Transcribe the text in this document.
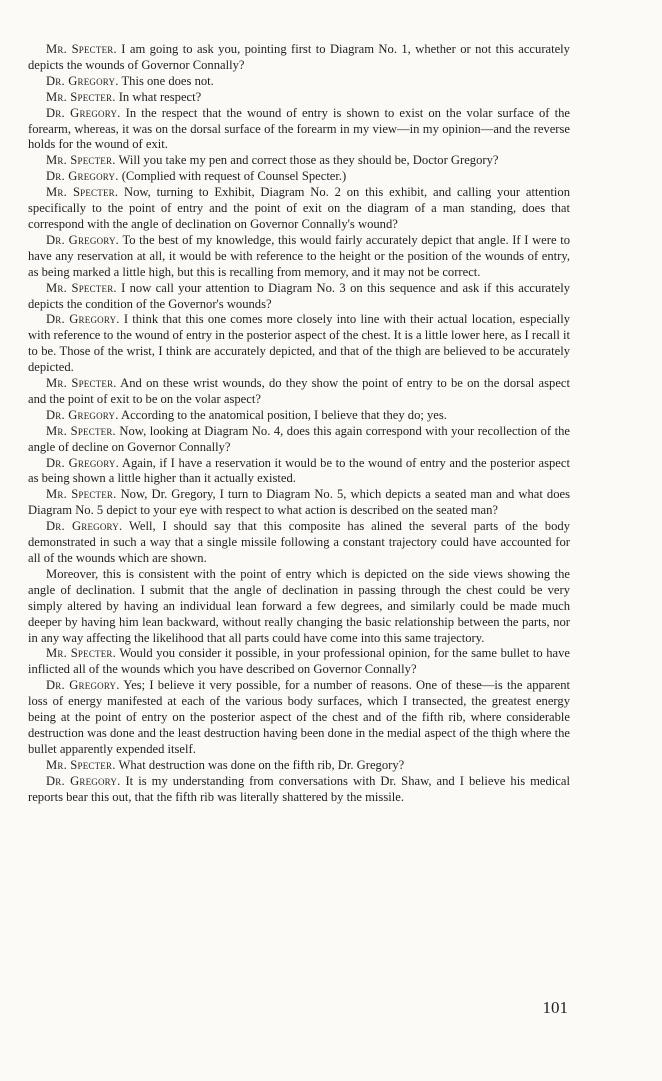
Mr. Specter. I am going to ask you, pointing first to Diagram No. 1, whether or not this accurately depicts the wounds of Governor Connally?

Dr. Gregory. This one does not.

Mr. Specter. In what respect?

Dr. Gregory. In the respect that the wound of entry is shown to exist on the volar surface of the forearm, whereas, it was on the dorsal surface of the forearm in my view—in my opinion—and the reverse holds for the wound of exit.

Mr. Specter. Will you take my pen and correct those as they should be, Doctor Gregory?

Dr. Gregory. (Complied with request of Counsel Specter.)

Mr. Specter. Now, turning to Exhibit, Diagram No. 2 on this exhibit, and calling your attention specifically to the point of entry and the point of exit on the diagram of a man standing, does that correspond with the angle of declination on Governor Connally's wound?

Dr. Gregory. To the best of my knowledge, this would fairly accurately depict that angle. If I were to have any reservation at all, it would be with reference to the height or the position of the wounds of entry, as being marked a little high, but this is recalling from memory, and it may not be correct.

Mr. Specter. I now call your attention to Diagram No. 3 on this sequence and ask if this accurately depicts the condition of the Governor's wounds?

Dr. Gregory. I think that this one comes more closely into line with their actual location, especially with reference to the wound of entry in the posterior aspect of the chest. It is a little lower here, as I recall it to be. Those of the wrist, I think are accurately depicted, and that of the thigh are believed to be accurately depicted.

Mr. Specter. And on these wrist wounds, do they show the point of entry to be on the dorsal aspect and the point of exit to be on the volar aspect?

Dr. Gregory. According to the anatomical position, I believe that they do; yes.

Mr. Specter. Now, looking at Diagram No. 4, does this again correspond with your recollection of the angle of decline on Governor Connally?

Dr. Gregory. Again, if I have a reservation it would be to the wound of entry and the posterior aspect as being shown a little higher than it actually existed.

Mr. Specter. Now, Dr. Gregory, I turn to Diagram No. 5, which depicts a seated man and what does Diagram No. 5 depict to your eye with respect to what action is described on the seated man?

Dr. Gregory. Well, I should say that this composite has alined the several parts of the body demonstrated in such a way that a single missile following a constant trajectory could have accounted for all of the wounds which are shown.

Moreover, this is consistent with the point of entry which is depicted on the side views showing the angle of declination. I submit that the angle of declination in passing through the chest could be very simply altered by having an individual lean forward a few degrees, and similarly could be made much deeper by having him lean backward, without really changing the basic relationship between the parts, nor in any way affecting the likelihood that all parts could have come into this same trajectory.

Mr. Specter. Would you consider it possible, in your professional opinion, for the same bullet to have inflicted all of the wounds which you have described on Governor Connally?

Dr. Gregory. Yes; I believe it very possible, for a number of reasons. One of these—is the apparent loss of energy manifested at each of the various body surfaces, which I transected, the greatest energy being at the point of entry on the posterior aspect of the chest and of the fifth rib, where considerable destruction was done and the least destruction having been done in the medial aspect of the thigh where the bullet apparently expended itself.

Mr. Specter. What destruction was done on the fifth rib, Dr. Gregory?

Dr. Gregory. It is my understanding from conversations with Dr. Shaw, and I believe his medical reports bear this out, that the fifth rib was literally shattered by the missile.

101
